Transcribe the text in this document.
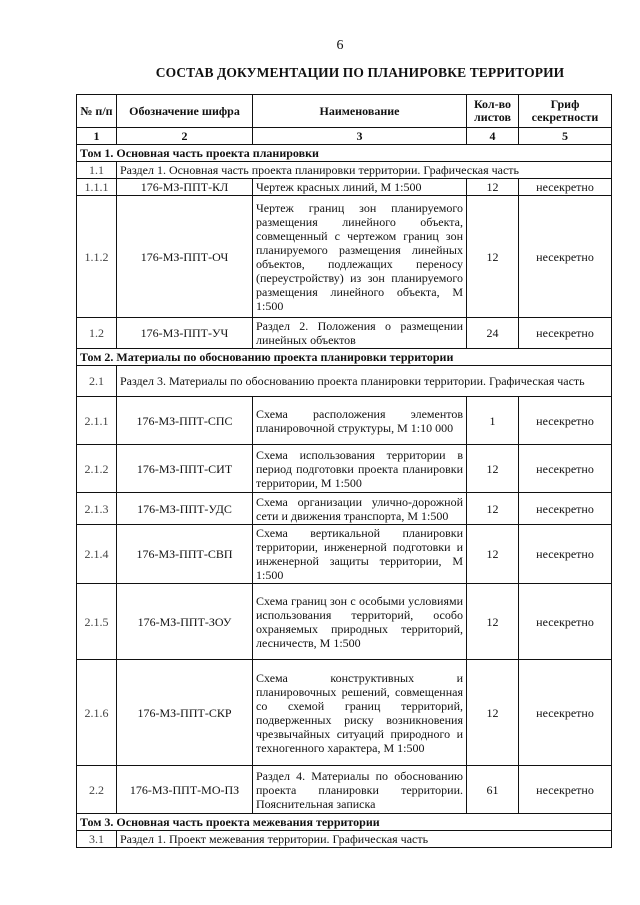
6
СОСТАВ ДОКУМЕНТАЦИИ ПО ПЛАНИРОВКЕ ТЕРРИТОРИИ
№ п/п	Обозначение шифра	Наименование	Кол-во листов	Гриф секретности
1	2	3	4	5
Том 1. Основная часть проекта планировки				
1.1	Раздел 1. Основная часть проекта планировки территории. Графическая часть			
1.1.1	176-МЗ-ППТ-КЛ	Чертеж красных линий, М 1:500	12	несекретно
1.1.2	176-МЗ-ППТ-ОЧ	Чертеж границ зон планируемого размещения линейного объекта, совмещенный с чертежом границ зон планируемого размещения линейных объектов, подлежащих переносу (переустройству) из зон планируемого размещения линейного объекта, М 1:500	12	несекретно
1.2	176-МЗ-ППТ-УЧ	Раздел 2. Положения о размещении линейных объектов	24	несекретно
Том 2. Материалы по обоснованию проекта планировки территории				
2.1	Раздел 3. Материалы по обоснованию проекта планировки территории. Графическая часть			
2.1.1	176-МЗ-ППТ-СПС	Схема расположения элементов планировочной структуры, М 1:10 000	1	несекретно
2.1.2	176-МЗ-ППТ-СИТ	Схема использования территории в период подготовки проекта планировки территории, М 1:500	12	несекретно
2.1.3	176-МЗ-ППТ-УДС	Схема организации улично-дорожной сети и движения транспорта, М 1:500	12	несекретно
2.1.4	176-МЗ-ППТ-СВП	Схема вертикальной планировки территории, инженерной подготовки и инженерной защиты территории, М 1:500	12	несекретно
2.1.5	176-МЗ-ППТ-ЗОУ	Схема границ зон с особыми условиями использования территорий, особо охраняемых природных территорий, лесничеств, М 1:500	12	несекретно
2.1.6	176-МЗ-ППТ-СКР	Схема конструктивных и планировочных решений, совмещенная со схемой границ территорий, подверженных риску возникновения чрезвычайных ситуаций природного и техногенного характера, М 1:500	12	несекретно
2.2	176-МЗ-ППТ-МО-ПЗ	Раздел 4. Материалы по обоснованию проекта планировки территории. Пояснительная записка	61	несекретно
Том 3. Основная часть проекта межевания территории				
3.1	Раздел 1. Проект межевания территории. Графическая часть			
